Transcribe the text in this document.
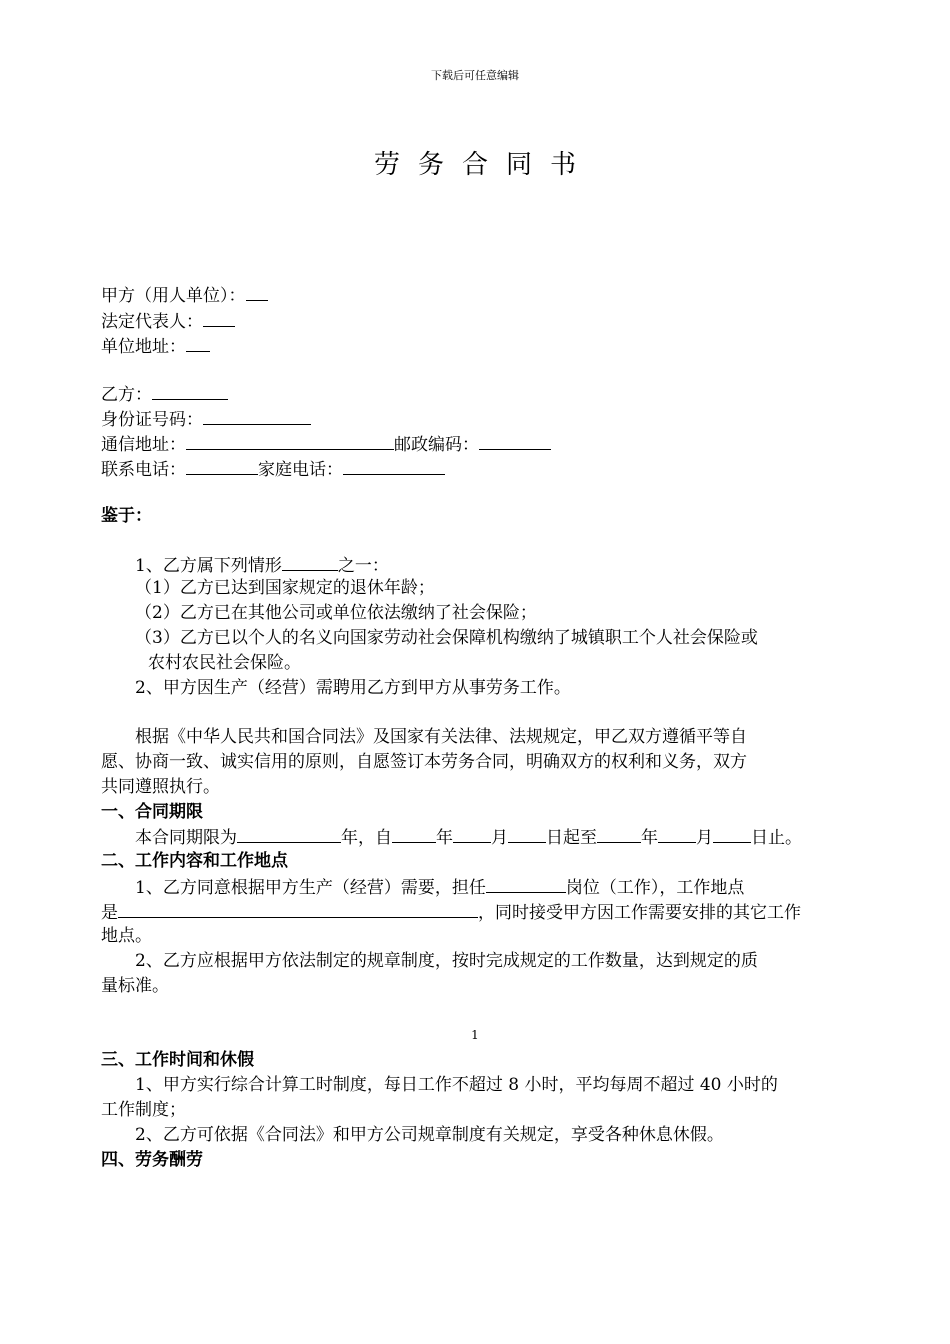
下载后可任意编辑
劳务合同书
甲方（用人单位）：
法定代表人：
单位地址：
乙方：
身份证号码：
通信地址：	邮政编码：
联系电话：	家庭电话：
鉴于：
1、乙方属下列情形	之一：
（1）乙方已达到国家规定的退休年龄；
（2）乙方已在其他公司或单位依法缴纳了社会保险；
（3）乙方已以个人的名义向国家劳动社会保障机构缴纳了城镇职工个人社会保险或
农村农民社会保险。
2、甲方因生产（经营）需聘用乙方到甲方从事劳务工作。
根据《中华人民共和国合同法》及国家有关法律、法规规定，甲乙双方遵循平等自
愿、协商一致、诚实信用的原则，自愿签订本劳务合同，明确双方的权利和义务，双方
共同遵照执行。
一、合同期限
本合同期限为	年，自	年 月 日起至	年 月 日止。
二、工作内容和工作地点
1、乙方同意根据甲方生产（经营）需要，担任	岗位（工作），工作地点
是	，同时接受甲方因工作需要安排的其它工作
地点。
2、乙方应根据甲方依法制定的规章制度，按时完成规定的工作数量，达到规定的质
量标准。
1
三、工作时间和休假
1、甲方实行综合计算工时制度，每日工作不超过 8 小时，平均每周不超过 40 小时的
工作制度；
2、乙方可依据《合同法》和甲方公司规章制度有关规定，享受各种休息休假。
四、劳务酬劳
